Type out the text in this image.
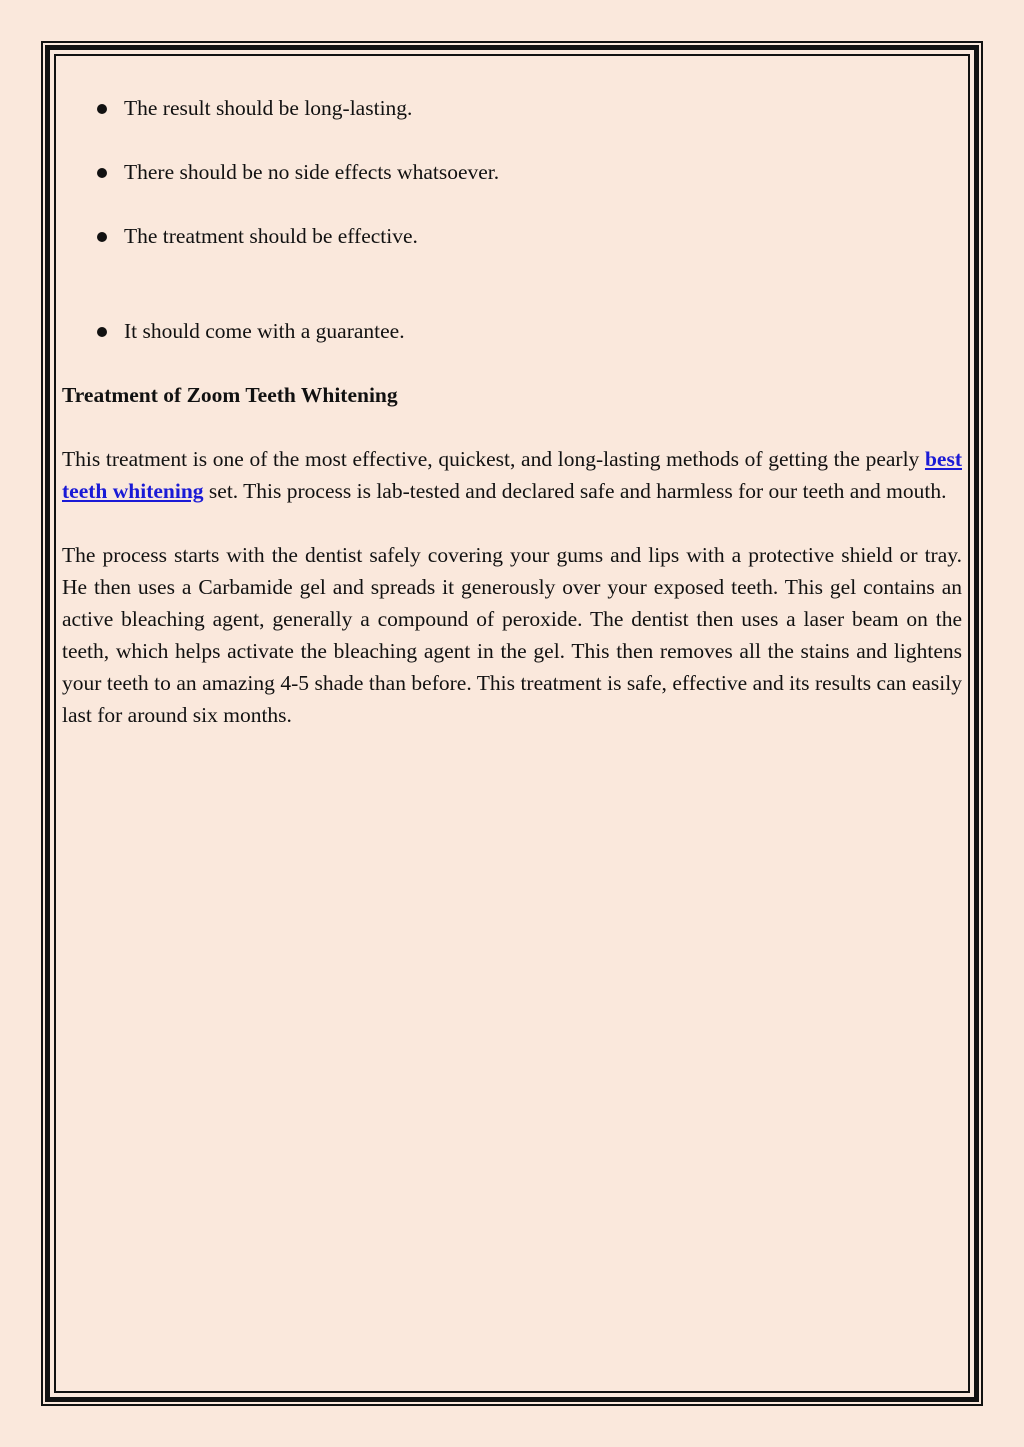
The result should be long-lasting.
There should be no side effects whatsoever.
The treatment should be effective.
It should come with a guarantee.
Treatment of Zoom Teeth Whitening

This treatment is one of the most effective, quickest, and long-lasting methods of getting the pearly best teeth whitening set. This process is lab-tested and declared safe and harmless for our teeth and mouth.

The process starts with the dentist safely covering your gums and lips with a protective shield or tray. He then uses a Carbamide gel and spreads it generously over your exposed teeth. This gel contains an active bleaching agent, generally a compound of peroxide. The dentist then uses a laser beam on the teeth, which helps activate the bleaching agent in the gel. This then removes all the stains and lightens your teeth to an amazing 4-5 shade than before. This treatment is safe, effective and its results can easily last for around six months.
